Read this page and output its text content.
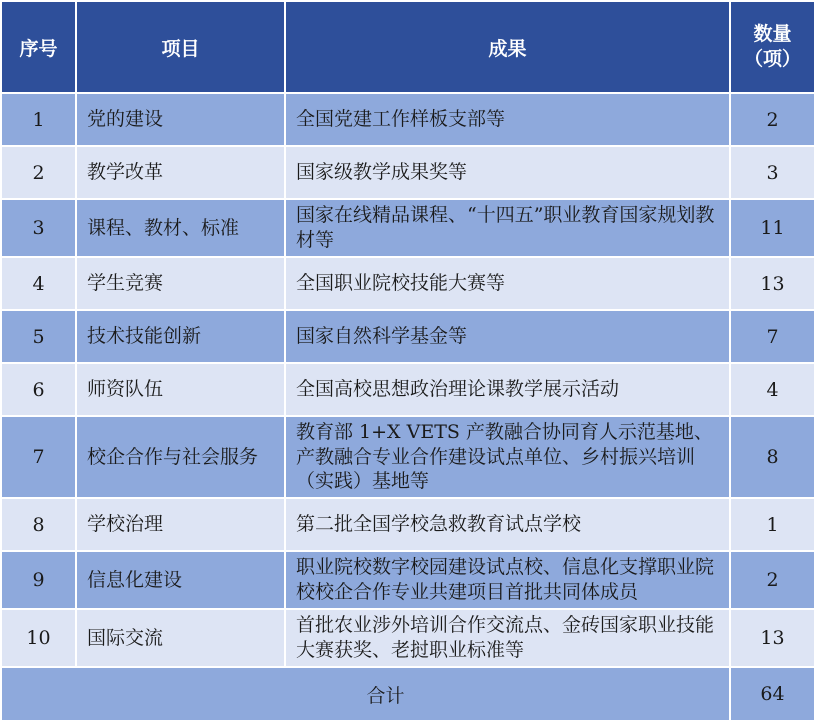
序号	项目	成果	数量
（项）
1	党的建设	全国党建工作样板支部等	2
2	教学改革	国家级教学成果奖等	3
3	课程、教材、标准	国家在线精品课程、“十四五”职业教育国家规划教材等	11
4	学生竞赛	全国职业院校技能大赛等	13
5	技术技能创新	国家自然科学基金等	7
6	师资队伍	全国高校思想政治理论课教学展示活动	4
7	校企合作与社会服务	教育部 1+X VETS 产教融合协同育人示范基地、产教融合专业合作建设试点单位、乡村振兴培训（实践）基地等	8
8	学校治理	第二批全国学校急救教育试点学校	1
9	信息化建设	职业院校数字校园建设试点校、信息化支撑职业院校校企合作专业共建项目首批共同体成员	2
10	国际交流	首批农业涉外培训合作交流点、金砖国家职业技能大赛获奖、老挝职业标准等	13
合计			64
